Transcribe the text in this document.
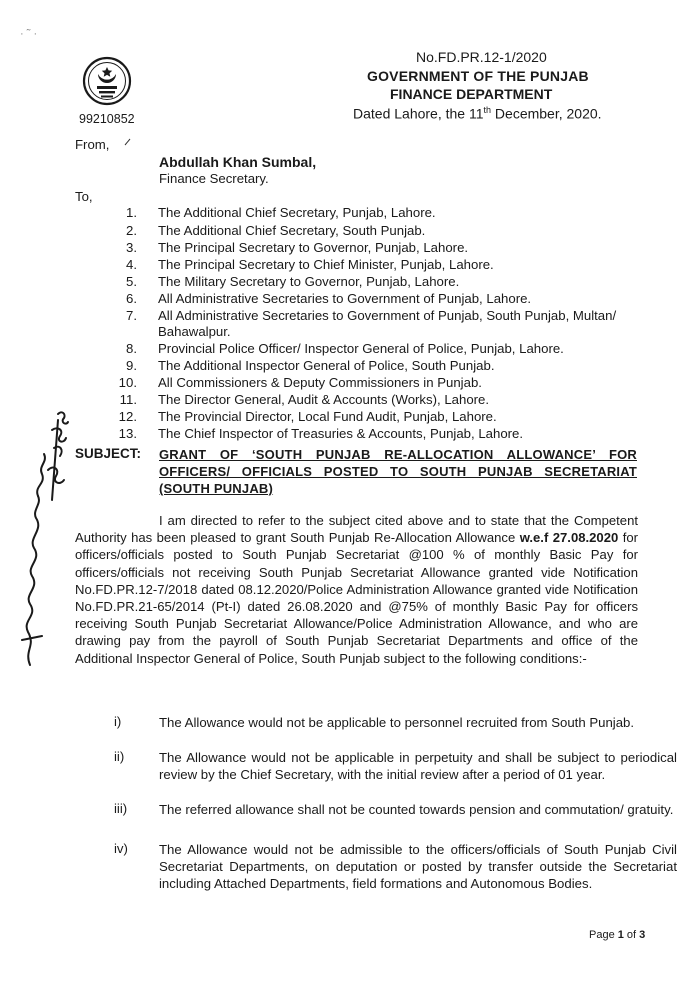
· ˜ ·
99210852
No.FD.PR.12-1/2020
GOVERNMENT OF THE PUNJAB
FINANCE DEPARTMENT
Dated Lahore, the 11th December, 2020.
From,
Abdullah Khan Sumbal,
Finance Secretary.
To,
1. The Additional Chief Secretary, Punjab, Lahore.
2. The Additional Chief Secretary, South Punjab.
3. The Principal Secretary to Governor, Punjab, Lahore.
4. The Principal Secretary to Chief Minister, Punjab, Lahore.
5. The Military Secretary to Governor, Punjab, Lahore.
6. All Administrative Secretaries to Government of Punjab, Lahore.
7. All Administrative Secretaries to Government of Punjab, South Punjab, Multan/ Bahawalpur.
8. Provincial Police Officer/ Inspector General of Police, Punjab, Lahore.
9. The Additional Inspector General of Police, South Punjab.
10. All Commissioners & Deputy Commissioners in Punjab.
11. The Director General, Audit & Accounts (Works), Lahore.
12. The Provincial Director, Local Fund Audit, Punjab, Lahore.
13. The Chief Inspector of Treasuries & Accounts, Punjab, Lahore.
SUBJECT: GRANT OF ‘SOUTH PUNJAB RE-ALLOCATION ALLOWANCE’ FOR OFFICERS/ OFFICIALS POSTED TO SOUTH PUNJAB SECRETARIAT (SOUTH PUNJAB)
I am directed to refer to the subject cited above and to state that the Competent Authority has been pleased to grant South Punjab Re-Allocation Allowance w.e.f 27.08.2020 for officers/officials posted to South Punjab Secretariat @100 % of monthly Basic Pay for officers/officials not receiving South Punjab Secretariat Allowance granted vide Notification No.FD.PR.12-7/2018 dated 08.12.2020/Police Administration Allowance granted vide Notification No.FD.PR.21-65/2014 (Pt-I) dated 26.08.2020 and @75% of monthly Basic Pay for officers receiving South Punjab Secretariat Allowance/Police Administration Allowance, and who are drawing pay from the payroll of South Punjab Secretariat Departments and office of the Additional Inspector General of Police, South Punjab subject to the following conditions:-
i)	The Allowance would not be applicable to personnel recruited from South Punjab.
ii)	The Allowance would not be applicable in perpetuity and shall be subject to periodical review by the Chief Secretary, with the initial review after a period of 01 year.
iii)	The referred allowance shall not be counted towards pension and commutation/ gratuity.
iv)	The Allowance would not be admissible to the officers/officials of South Punjab Civil Secretariat Departments, on deputation or posted by transfer outside the Secretariat including Attached Departments, field formations and Autonomous Bodies.
Page 1 of 3
